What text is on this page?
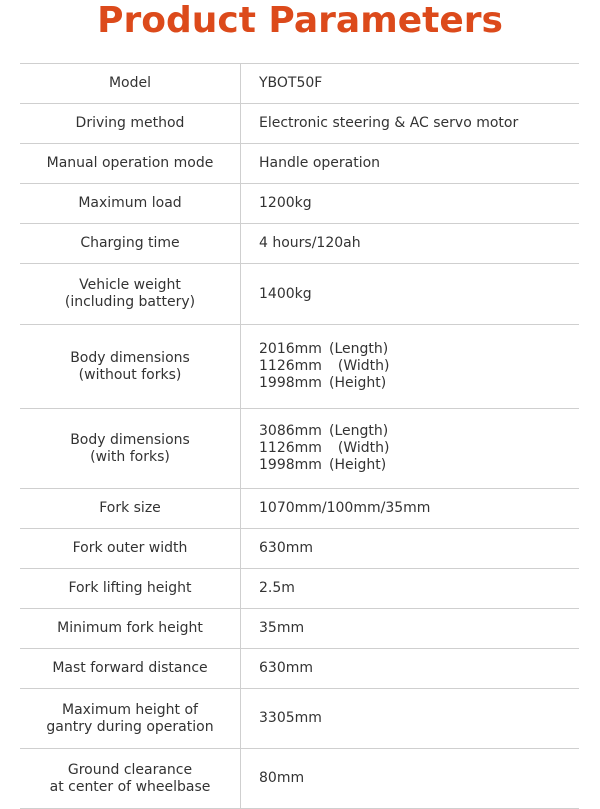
Product Parameters
Model	YBOT50F
Driving method	Electronic steering & AC servo motor
Manual operation mode	Handle operation
Maximum load	1200kg
Charging time	4 hours/120ah
Vehicle weight
(including battery)	1400kg
Body dimensions
(without forks)	2016mm (Length)
1126mm  (Width)
1998mm (Height)

Body dimensions
(with forks)	3086mm (Length)
1126mm  (Width)
1998mm (Height)

Fork size	1070mm/100mm/35mm
Fork outer width	630mm
Fork lifting height	2.5m
Minimum fork height	35mm
Mast forward distance	630mm
Maximum height of
gantry during operation	3305mm
Ground clearance
at center of wheelbase	80mm
